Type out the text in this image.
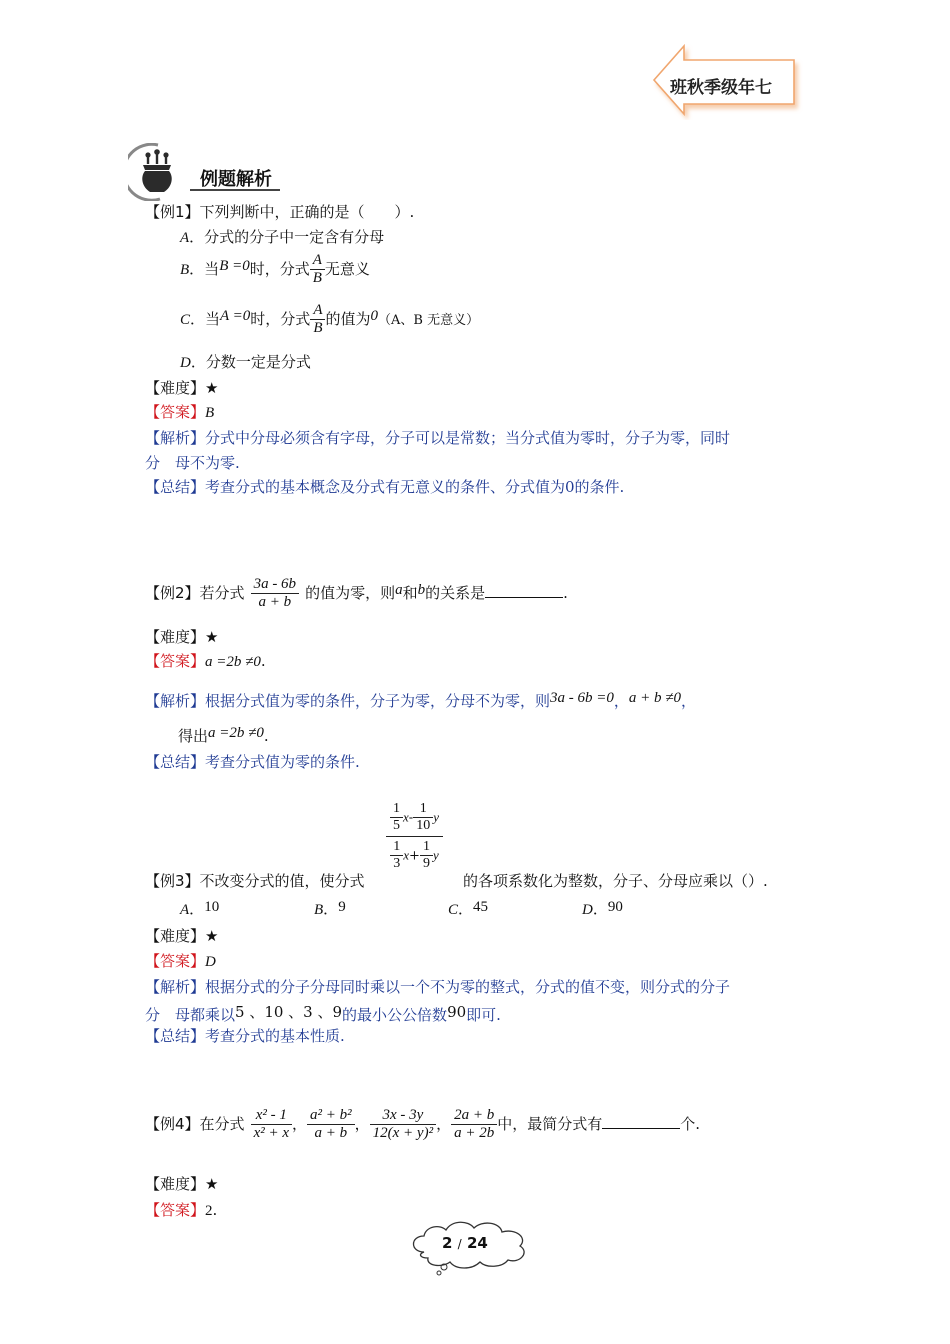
班秋季级年七
例题解析
【例1】下列判断中，正确的是（　　）.
A．分式的分子中一定含有分母
B．当B =0时，分式 $\frac{A}{B}$ 无意义
C．当A =0时，分式 $\frac{A}{B}$ 的值为0（A、B 无意义）
D．分数一定是分式
【难度】★
【答案】B
【解析】分式中分母必须含有字母，分子可以是常数；当分式值为零时，分子为零，同时
分　母不为零.
【总结】考查分式的基本概念及分式有无意义的条件、分式值为0的条件.
【例2】若分式 $\frac{3a - 6b}{a + b}$ 的值为零，则a和b的关系是	.
【难度】★
【答案】a =2b ≠0.
【解析】根据分式值为零的条件，分子为零，分母不为零，则3a - 6b =0，a + b ≠0，
得出a =2b ≠0.
【总结】考查分式值为零的条件.
$\frac{\frac{1}{5} x- \frac{1}{10} y}{\frac{1}{3} x+ \frac{1}{9} y}$
【例3】不改变分式的值，使分式	的各项系数化为整数，分子、分母应乘以（）.
A．10	B．9	C．45	D．90
【难度】★
【答案】D
【解析】根据分式的分子分母同时乘以一个不为零的整式，分式的值不变，则分式的分子
分　母都乘以5 、10 、3 、9的最小公公倍数90即可.
【总结】考查分式的基本性质.
【例4】在分式 $\frac{\text{x² - 1}}{\text{x² + x}}$ ， $\frac{\text{a² + b²}}{a + b}$ ， $\frac{3x - 3y}{\text{12(x + y)²}}$ ， $\frac{2a + b}{a + 2b}$ 中，最简分式有	个.
【难度】★
【答案】2.
2 / 24
